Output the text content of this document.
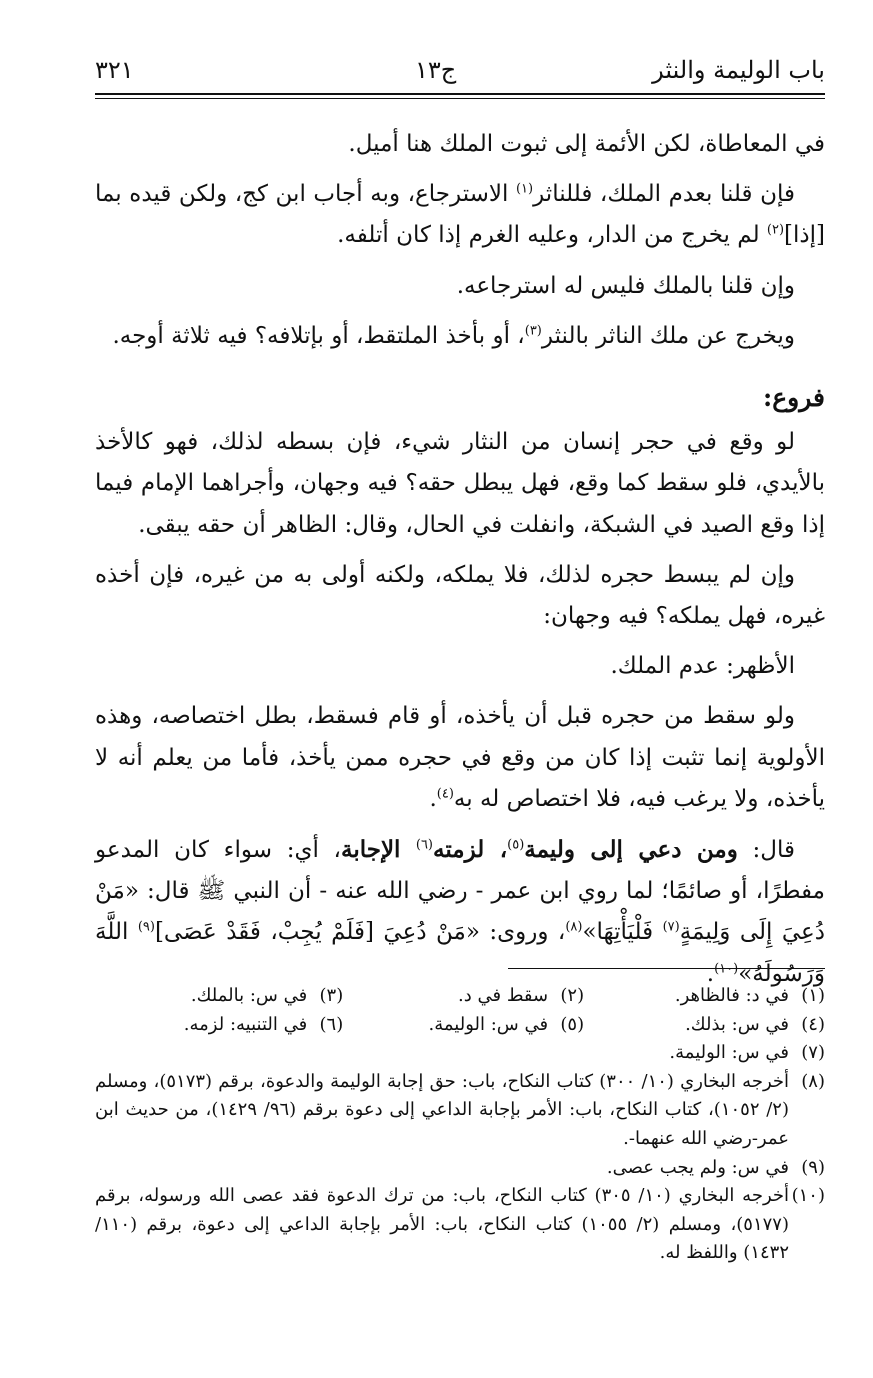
باب الوليمة والنثر
ج١٣
٣٢١

في المعاطاة، لكن الأئمة إلى ثبوت الملك هنا أميل.

فإن قلنا بعدم الملك، فللناثر$^{(١)}$ الاسترجاع، وبه أجاب ابن كج، ولكن قيده بما [إذا]$^{(٢)}$ لم يخرج من الدار، وعليه الغرم إذا كان أتلفه.

وإن قلنا بالملك فليس له استرجاعه.

ويخرج عن ملك الناثر بالنثر$^{(٣)}$، أو بأخذ الملتقط، أو بإتلافه؟ فيه ثلاثة أوجه.

فروع:

لو وقع في حجر إنسان من النثار شيء، فإن بسطه لذلك، فهو كالأخذ بالأيدي، فلو سقط كما وقع، فهل يبطل حقه؟ فيه وجهان، وأجراهما الإمام فيما إذا وقع الصيد في الشبكة، وانفلت في الحال، وقال: الظاهر أن حقه يبقى.

وإن لم يبسط حجره لذلك، فلا يملكه، ولكنه أولى به من غيره، فإن أخذه غيره، فهل يملكه؟ فيه وجهان:

الأظهر: عدم الملك.

ولو سقط من حجره قبل أن يأخذه، أو قام فسقط، بطل اختصاصه، وهذه الأولوية إنما تثبت إذا كان من وقع في حجره ممن يأخذ، فأما من يعلم أنه لا يأخذه، ولا يرغب فيه، فلا اختصاص له به$^{(٤)}$.

قال: ومن دعي إلى وليمة$^{(٥)}$، لزمته$^{(٦)}$ الإجابة، أي: سواء كان المدعو مفطرًا، أو صائمًا؛ لما روي ابن عمر - رضي الله عنه - أن النبي ﷺ قال: «مَنْ دُعِيَ إِلَى وَلِيمَةٍ$^{(٧)}$ فَلْيَأْتِهَا»$^{(٨)}$، وروى: «مَنْ دُعِيَ [فَلَمْ يُجِبْ، فَقَدْ عَصَى]$^{(٩)}$ اللَّهَ وَرَسُولَهُ»$^{(١٠)}$.

(١)
في د: فالظاهر.
(٢)
سقط في د.
(٣)
في س: بالملك.
(٤)
في س: بذلك.
(٥)
في س: الوليمة.
(٦)
في التنبيه: لزمه.
(٧)
في س: الوليمة.
(٨)
أخرجه البخاري (١٠/ ٣٠٠) كتاب النكاح، باب: حق إجابة الوليمة والدعوة، برقم (٥١٧٣)، ومسلم (٢/ ١٠٥٢)، كتاب النكاح، باب: الأمر بإجابة الداعي إلى دعوة برقم (٩٦/ ١٤٢٩)، من حديث ابن عمر-رضي الله عنهما-.
(٩)
في س: ولم يجب عصى.
(١٠)
أخرجه البخاري (١٠/ ٣٠٥) كتاب النكاح، باب: من ترك الدعوة فقد عصى الله ورسوله، برقم (٥١٧٧)، ومسلم (٢/ ١٠٥٥) كتاب النكاح، باب: الأمر بإجابة الداعي إلى دعوة، برقم (١١٠/ ١٤٣٢) واللفظ له.
